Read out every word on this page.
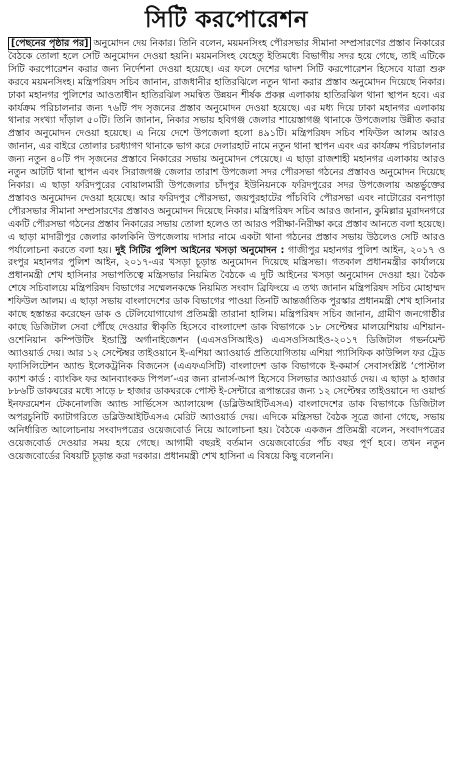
সিটি করপোরেশন

[পেছনের পৃষ্ঠার পর] অনুমোদন দেয় নিকার। তিনি বলেন, ময়মনসিংহ পৌরসভার সীমানা সম্প্রসারণের প্রস্তাব নিকারের বৈঠকে তোলা হলে সেটি অনুমোদন দেওয়া হয়নি। ময়মনসিংহ যেহেতু ইতিমধ্যে বিভাগীয় সদর হয়ে গেছে, তাই এটিকে সিটি করপোরেশন করার জন্য নির্দেশনা দেওয়া হয়েছে। এর ফলে দেশের দ্বাদশ সিটি করপোরেশন হিসেবে যাত্রা শুরু করবে ময়মনসিংহ। মন্ত্রিপরিষদ সচিব জানান, রাজধানীর হাতিরঝিলে নতুন থানা করার প্রস্তাব অনুমোদন দিয়েছে নিকার। ঢাকা মহানগর পুলিশের আওতাধীন হাতিরঝিল সমন্বিত উন্নয়ন শীর্ষক প্রকল্প এলাকায় হাতিরঝিল থানা স্থাপন হবে। এর কার্যক্রম পরিচালনার জন্য ৭৬টি পদ সৃজনের প্রস্তাব অনুমোদন দেওয়া হয়েছে। এর মধ্য দিয়ে ঢাকা মহানগর এলাকায় থানার সংখ্যা দাঁড়াল ৫০টি। তিনি জানান, নিকার সভায় হবিগঞ্জ জেলার শায়েস্তাগঞ্জ থানাকে উপজেলায় উন্নীত করার প্রস্তাব অনুমোদন দেওয়া হয়েছে। এ নিয়ে দেশে উপজেলা হলো ৪৯১টি। মন্ত্রিপরিষদ সচিব শফিউল আলম আরও জানান, এর বাইরে তোলার চরধ্যাগণ থানাকে ভাগ করে দেলারহাট নামে নতুন থানা স্থাপন এবং এর কার্যক্রম পরিচালনার জন্য নতুন ৪০টি পদ সৃজনের প্রস্তাবে নিকারের সভায় অনুমোদন পেয়েছে। এ ছাড়া রাজশাহী মহানগর এলাকায় আরও নতুন আটটি থানা স্থাপন এবং সিরাজগঞ্জ জেলার তারাশ উপজেলা সদর পৌরসভা গঠনের প্রস্তাবও অনুমোদন দিয়েছে নিকার। এ ছাড়া ফরিদপুরের বোয়ালমারী উপজেলার চাঁদপুর ইউনিয়নকে ফরিদপুরের সদর উপজেলায় অন্তর্ভুক্তের প্রস্তাবও অনুমোদন দেওয়া হয়েছে। আর ফরিদপুর পৌরসভা, জয়পুরহাটের পাঁচবিবি পৌরসভা এবং নাটোরের বনপাড়া পৌরসভার সীমানা সম্প্রসারণের প্রস্তাবও অনুমোদন দিয়েছে নিকার। মন্ত্রিপরিষদ সচিব আরও জানান, কুমিল্লার মুরাদনগরে একটি পৌরসভা গঠনের প্রস্তাব নিকারের সভায় তোলা হলেও তা আরও পরীক্ষা-নিরীক্ষা করে প্রস্তাব আনতে বলা হয়েছে। এ ছাড়া মাদারীপুর জেলার কালকিনি উপজেলায় দাসার নামে একটা থানা গঠনের প্রস্তাব সভায় উঠলেও সেটি আরও পর্যালোচনা করতে বলা হয়। দুই সিটির পুলিশ আইনের খসড়া অনুমোদন : গাজীপুর মহানগর পুলিশ আইন, ২০১৭ ও রংপুর মহানগর পুলিশ আইন, ২০১৭-এর খসড়া চূড়ান্ত অনুমোদন দিয়েছে মন্ত্রিসভা। গতকাল প্রধানমন্ত্রীর কার্যালয়ে প্রধানমন্ত্রী শেখ হাসিনার সভাপতিত্বে মন্ত্রিসভার নিয়মিত বৈঠকে এ দুটি আইনের খসড়া অনুমোদন দেওয়া হয়। বৈঠক শেষে সচিবালয়ে মন্ত্রিপরিষদ বিভাগের সম্মেলনকক্ষে নিয়মিত সংবাদ ব্রিফিংয়ে এ তথ্য জানান মন্ত্রিপরিষদ সচিব মোহাম্মদ শফিউল আলম। এ ছাড়া সভায় বাংলাদেশের ডাক বিভাগের পাওয়া তিনটি আন্তর্জাতিক পুরস্কার প্রধানমন্ত্রী শেখ হাসিনার কাছে হস্তান্তর করেছেন ডাক ও টেলিযোগাযোগ প্রতিমন্ত্রী তারানা হালিম। মন্ত্রিপরিষদ সচিব জানান, গ্রামীণ জনগোষ্ঠীর কাছে ডিজিটাল সেবা পৌঁছে দেওয়ার স্বীকৃতি হিসেবে বাংলাদেশ ডাক বিভাগকে ১৮ সেপ্টেম্বর মালয়েশিয়ায় এশিয়ান-ওশেনিয়ান কম্পিউটিং ইন্ডাস্ট্রি অর্গানাইজেশন (এএসওসিআইও) এএসওসিআইও-২০১৭ ডিজিটাল গভর্নমেন্ট অ্যাওয়ার্ড দেয়। আর ১২ সেপ্টেম্বর তাইওয়ানে ই-এশিয়া অ্যাওয়ার্ড প্রতিযোগিতায় এশিয়া প্যাসিফিক কাউন্সিল ফর ট্রেড ফ্যাসিলিটেশন অ্যান্ড ইলেকট্রনিক বিজনেস (এএফএসিটি) বাংলাদেশ ডাক বিভাগকে ই-কমার্স সেবাসংশ্লিষ্ট ‘পোস্টাল ক্যাশ কার্ড : ব্যাংকিং ফর আনব্যাংকড পিপল’-এর জন্য রানার্স-আপ হিসেবে সিলভার অ্যাওয়ার্ড দেয়। এ ছাড়া ৯ হাজার ৮৮৬টি ডাকঘরের মধ্যে সাড়ে ৮ হাজার ডাকঘরকে পোস্ট ই-সেন্টারে রূপান্তরের জন্য ১২ সেপ্টেম্বর তাইওয়ানে দ্য ওয়ার্ল্ড ইনফরমেশন টেকনোলজি অ্যান্ড সার্ভিসেস অ্যালায়েন্স (ডব্লিউআইটিএসএ) বাংলাদেশের ডাক বিভাগকে ডিজিটাল অপরচুনিটি ক্যাটাগরিতে ডব্লিউআইটিএসএ মেরিট অ্যাওয়ার্ড দেয়। এদিকে মন্ত্রিসভা বৈঠক সূত্রে জানা গেছে, সভায় অনির্ধারিত আলোচনায় সংবাদপত্রের ওয়েজবোর্ড নিয়ে আলোচনা হয়। বৈঠকে একজন প্রতিমন্ত্রী বলেন, সংবাদপত্রের ওয়েজবোর্ড দেওয়ার সময় হয়ে গেছে। আগামী বছরই বর্তমান ওয়েজবোর্ডের পাঁচ বছর পূর্ণ হবে। তখন নতুন ওয়েজবোর্ডের বিষয়টি চূড়ান্ত করা দরকার। প্রধানমন্ত্রী শেখ হাসিনা এ বিষয়ে কিছু বলেননি।
